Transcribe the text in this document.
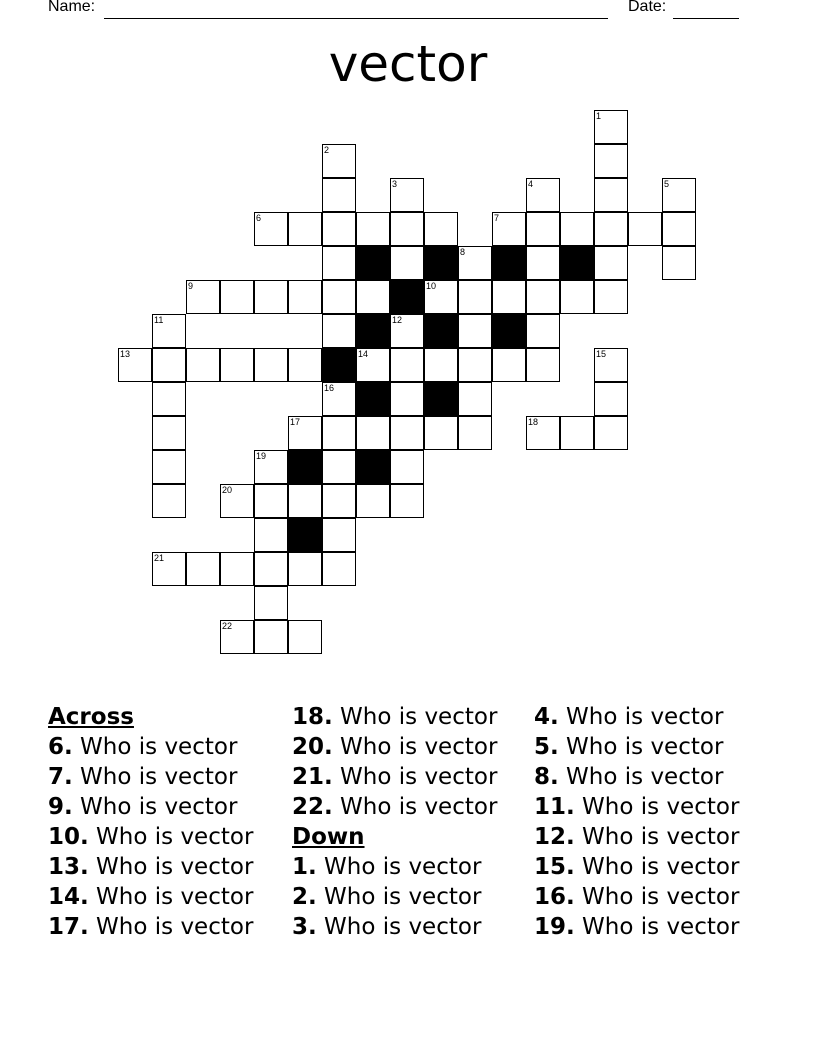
Name:	Date:
vector
1
2
3	4	5
6	7
8
9	10
11	12
13	14	15
16
17	18
19
20
21
22
Across
6. Who is vector
7. Who is vector
9. Who is vector
10. Who is vector
13. Who is vector
14. Who is vector
17. Who is vector
18. Who is vector
20. Who is vector
21. Who is vector
22. Who is vector
Down
1. Who is vector
2. Who is vector
3. Who is vector
4. Who is vector
5. Who is vector
8. Who is vector
11. Who is vector
12. Who is vector
15. Who is vector
16. Who is vector
19. Who is vector
